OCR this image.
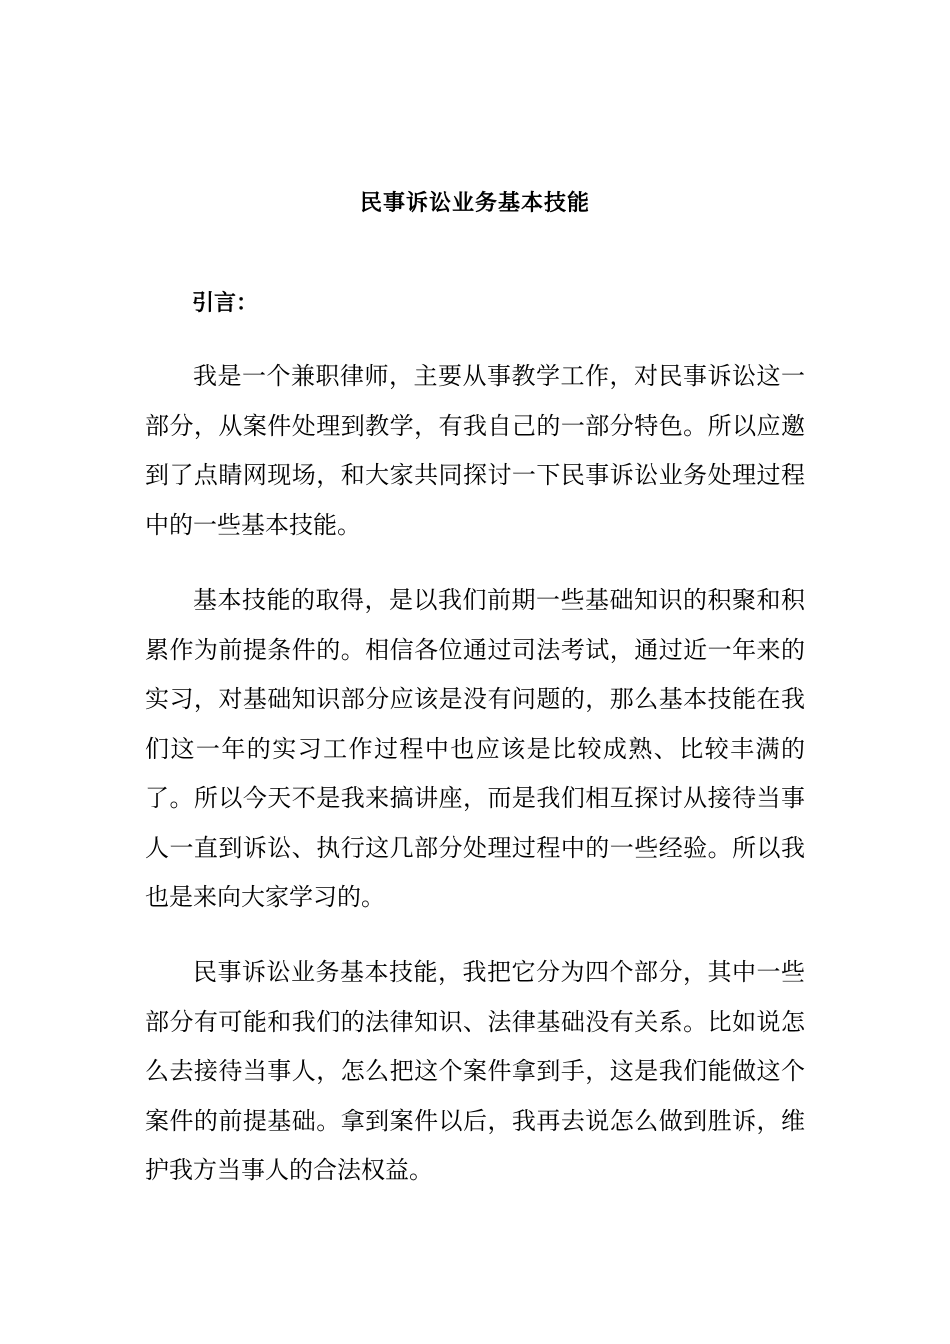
民事诉讼业务基本技能
引言：

我是一个兼职律师，主要从事教学工作，对民事诉讼这一部分，从案件处理到教学，有我自己的一部分特色。所以应邀到了点睛网现场，和大家共同探讨一下民事诉讼业务处理过程中的一些基本技能。

基本技能的取得，是以我们前期一些基础知识的积聚和积累作为前提条件的。相信各位通过司法考试，通过近一年来的实习，对基础知识部分应该是没有问题的，那么基本技能在我们这一年的实习工作过程中也应该是比较成熟、比较丰满的了。所以今天不是我来搞讲座，而是我们相互探讨从接待当事人一直到诉讼、执行这几部分处理过程中的一些经验。所以我也是来向大家学习的。

民事诉讼业务基本技能，我把它分为四个部分，其中一些部分有可能和我们的法律知识、法律基础没有关系。比如说怎么去接待当事人，怎么把这个案件拿到手，这是我们能做这个案件的前提基础。拿到案件以后，我再去说怎么做到胜诉，维护我方当事人的合法权益。
